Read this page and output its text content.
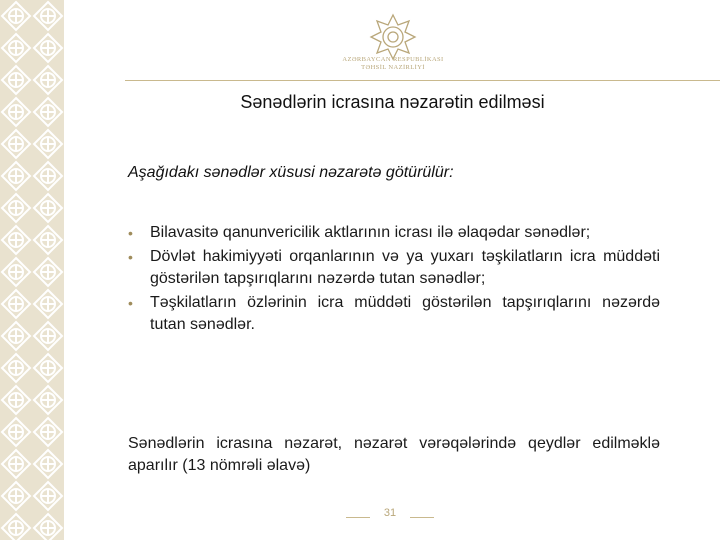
AZƏRBAYCAN RESPUBLİKASI
TƏHSİL NAZİRLİYİ
Sənədlərin icrasına nəzarətin edilməsi
Aşağıdakı sənədlər xüsusi nəzarətə götürülür:
• Bilavasitə qanunvericilik aktlarının icrası ilə əlaqədar sənədlər;
• Dövlət hakimiyyəti orqanlarının və ya yuxarı təşkilatların icra müddəti göstərilən tapşırıqlarını nəzərdə tutan sənədlər;
• Təşkilatların özlərinin icra müddəti göstərilən tapşırıqlarını nəzərdə tutan sənədlər.
Sənədlərin icrasına nəzarət, nəzarət vərəqələrində qeydlər edilməklə aparılır (13 nömrəli əlavə)
31
